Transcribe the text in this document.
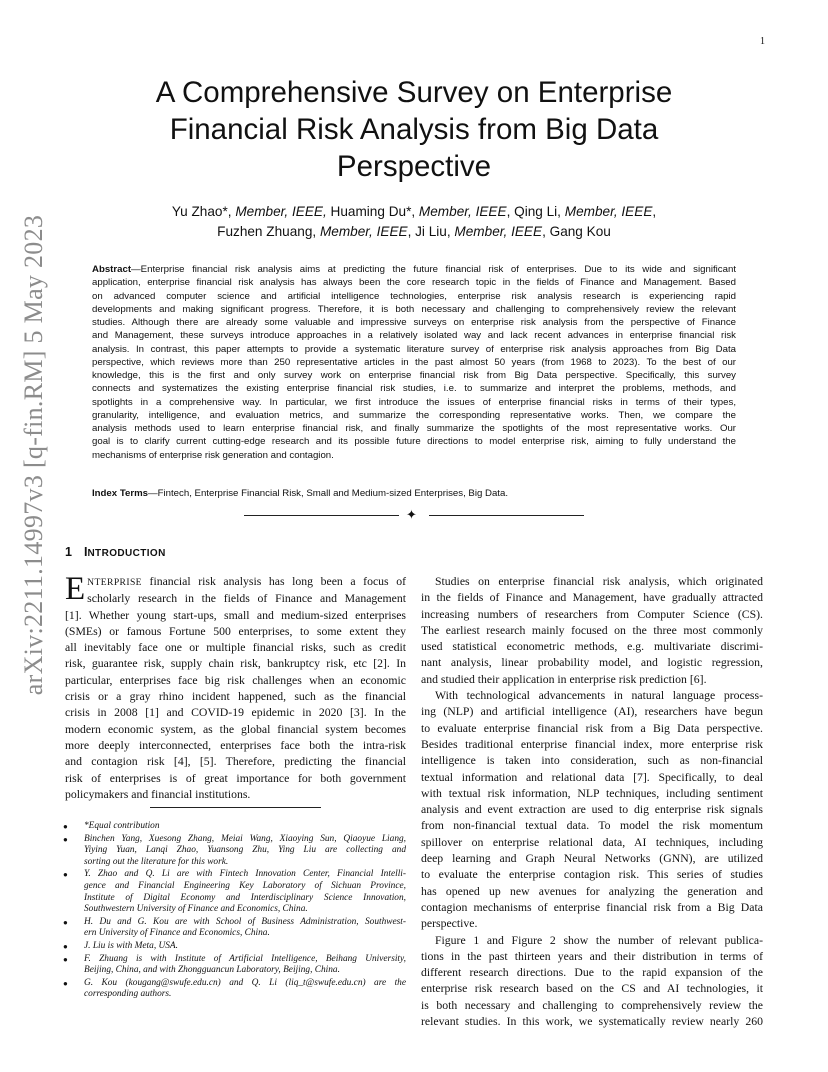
1
arXiv:2211.14997v3 [q-fin.RM] 5 May 2023
A Comprehensive Survey on Enterprise
Financial Risk Analysis from Big Data
Perspective
Yu Zhao*, Member, IEEE, Huaming Du*, Member, IEEE, Qing Li, Member, IEEE,
Fuzhen Zhuang, Member, IEEE, Ji Liu, Member, IEEE, Gang Kou
Abstract—Enterprise financial risk analysis aims at predicting the future financial risk of enterprises. Due to its wide and significant
application, enterprise financial risk analysis has always been the core research topic in the fields of Finance and Management. Based
on advanced computer science and artificial intelligence technologies, enterprise risk analysis research is experiencing rapid
developments and making significant progress. Therefore, it is both necessary and challenging to comprehensively review the relevant
studies. Although there are already some valuable and impressive surveys on enterprise risk analysis from the perspective of Finance
and Management, these surveys introduce approaches in a relatively isolated way and lack recent advances in enterprise financial risk
analysis. In contrast, this paper attempts to provide a systematic literature survey of enterprise risk analysis approaches from Big Data
perspective, which reviews more than 250 representative articles in the past almost 50 years (from 1968 to 2023). To the best of our
knowledge, this is the first and only survey work on enterprise financial risk from Big Data perspective. Specifically, this survey
connects and systematizes the existing enterprise financial risk studies, i.e. to summarize and interpret the problems, methods, and
spotlights in a comprehensive way. In particular, we first introduce the issues of enterprise financial risks in terms of their types,
granularity, intelligence, and evaluation metrics, and summarize the corresponding representative works. Then, we compare the
analysis methods used to learn enterprise financial risk, and finally summarize the spotlights of the most representative works. Our
goal is to clarify current cutting-edge research and its possible future directions to model enterprise risk, aiming to fully understand the
mechanisms of enterprise risk generation and contagion.
Index Terms—Fintech, Enterprise Financial Risk, Small and Medium-sized Enterprises, Big Data.
✦
1 INTRODUCTION
E NTERPRISE financial risk analysis has long been a focus of
scholarly research in the fields of Finance and Management
[1]. Whether young start-ups, small and medium-sized enterprises
(SMEs) or famous Fortune 500 enterprises, to some extent they
all inevitably face one or multiple financial risks, such as credit
risk, guarantee risk, supply chain risk, bankruptcy risk, etc [2]. In
particular, enterprises face big risk challenges when an economic
crisis or a gray rhino incident happened, such as the financial
crisis in 2008 [1] and COVID-19 epidemic in 2020 [3]. In the
modern economic system, as the global financial system becomes
more deeply interconnected, enterprises face both the intra-risk
and contagion risk [4], [5]. Therefore, predicting the financial
risk of enterprises is of great importance for both government
policymakers and financial institutions.
● *Equal contribution
● Binchen Yang, Xuesong Zhang, Meiai Wang, Xiaoying Sun, Qiaoyue Liang,
Yiying Yuan, Lanqi Zhao, Yuansong Zhu, Ying Liu are collecting and
sorting out the literature for this work.
● Y. Zhao and Q. Li are with Fintech Innovation Center, Financial Intelli-
gence and Financial Engineering Key Laboratory of Sichuan Province,
Institute of Digital Economy and Interdisciplinary Science Innovation,
Southwestern University of Finance and Economics, China.
● H. Du and G. Kou are with School of Business Administration, Southwest-
ern University of Finance and Economics, China.
● J. Liu is with Meta, USA.
● F. Zhuang is with Institute of Artificial Intelligence, Beihang University,
Beijing, China, and with Zhongguancun Laboratory, Beijing, China.
● G. Kou (kougang@swufe.edu.cn) and Q. Li (liq_t@swufe.edu.cn) are the
corresponding authors.
Studies on enterprise financial risk analysis, which originated
in the fields of Finance and Management, have gradually attracted
increasing numbers of researchers from Computer Science (CS).
The earliest research mainly focused on the three most commonly
used statistical econometric methods, e.g. multivariate discrimi-
nant analysis, linear probability model, and logistic regression,
and studied their application in enterprise risk prediction [6].
With technological advancements in natural language process-
ing (NLP) and artificial intelligence (AI), researchers have begun
to evaluate enterprise financial risk from a Big Data perspective.
Besides traditional enterprise financial index, more enterprise risk
intelligence is taken into consideration, such as non-financial
textual information and relational data [7]. Specifically, to deal
with textual risk information, NLP techniques, including sentiment
analysis and event extraction are used to dig enterprise risk signals
from non-financial textual data. To model the risk momentum
spillover on enterprise relational data, AI techniques, including
deep learning and Graph Neural Networks (GNN), are utilized
to evaluate the enterprise contagion risk. This series of studies
has opened up new avenues for analyzing the generation and
contagion mechanisms of enterprise financial risk from a Big Data
perspective.
Figure 1 and Figure 2 show the number of relevant publica-
tions in the past thirteen years and their distribution in terms of
different research directions. Due to the rapid expansion of the
enterprise risk research based on the CS and AI technologies, it
is both necessary and challenging to comprehensively review the
relevant studies. In this work, we systematically review nearly 260
